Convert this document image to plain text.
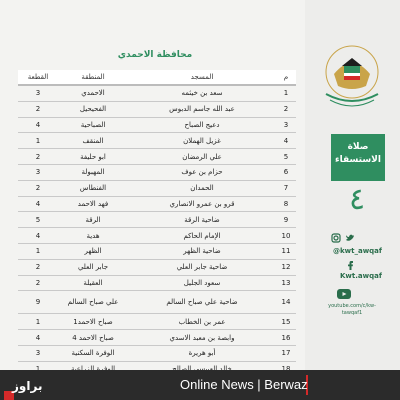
محافظة الاحمدي
القطعة	المنطقة	المسجد	م
3	الاحمدي	سعد بن خيثمه	1
2	الفحيحيل	عبد الله جاسم الدبوس	2
4	الصباحية	دعيج الصباح	3
1	المنقف	غزيل الهملان	4
2	ابو حليفة	علي الرمضان	5
3	المهبولة	حزام بن عوف	6
2	الفنطاس	الحمدان	7
4	فهد الاحمد	قرو بن عمرو الانصاري	8
5	الرقة	ضاحية الرقة	9
4	هدية	الإمام الحاكم	10
1	الظهر	ضاحية الظهر	11
2	جابر العلي	ضاحية جابر العلي	12
2	العقيلة	سعود الجليل	13
9	علي صباح السالم	ضاحية علي صباح السالم	14
1	صباح الاحمد1	عمر بن الخطاب	15
4	صباح الاحمد 4	وابصة بن معبد الاسدي	16
3	الوفرة السكنية	أبو هريرة	17

صلاة
الاستسقاء
٤
@kwt_awqaf
Kwt.awqaf
youtube.com/c/kw-
tawqaf1
براوز	Online News | Berwaz
